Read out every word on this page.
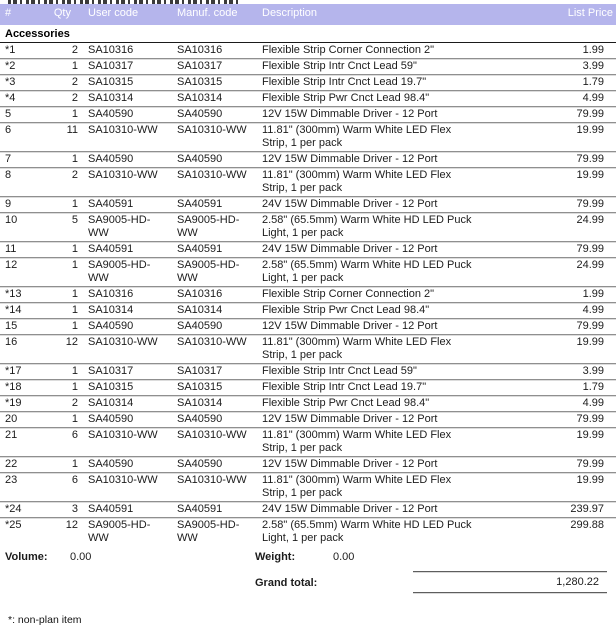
#	Qty	User code	Manuf. code	Description	List Price
Accessories					
*1	2	SA10316	SA10316	Flexible Strip Corner Connection 2"	1.99
*2	1	SA10317	SA10317	Flexible Strip Intr Cnct Lead 59"	3.99
*3	2	SA10315	SA10315	Flexible Strip Intr Cnct Lead 19.7"	1.79
*4	2	SA10314	SA10314	Flexible Strip Pwr Cnct Lead 98.4"	4.99
5	1	SA40590	SA40590	12V 15W Dimmable Driver - 12 Port	79.99
6	11	SA10310-WW	SA10310-WW	11.81" (300mm) Warm White LED Flex
Strip, 1 per pack	19.99
7	1	SA40590	SA40590	12V 15W Dimmable Driver - 12 Port	79.99
8	2	SA10310-WW	SA10310-WW	11.81" (300mm) Warm White LED Flex
Strip, 1 per pack	19.99
9	1	SA40591	SA40591	24V 15W Dimmable Driver - 12 Port	79.99
10	5	SA9005-HD-WW	SA9005-HD-WW	2.58" (65.5mm) Warm White HD LED Puck
Light, 1 per pack	24.99
11	1	SA40591	SA40591	24V 15W Dimmable Driver - 12 Port	79.99
12	1	SA9005-HD-WW	SA9005-HD-WW	2.58" (65.5mm) Warm White HD LED Puck
Light, 1 per pack	24.99
*13	1	SA10316	SA10316	Flexible Strip Corner Connection 2"	1.99
*14	1	SA10314	SA10314	Flexible Strip Pwr Cnct Lead 98.4"	4.99
15	1	SA40590	SA40590	12V 15W Dimmable Driver - 12 Port	79.99
16	12	SA10310-WW	SA10310-WW	11.81" (300mm) Warm White LED Flex
Strip, 1 per pack	19.99
*17	1	SA10317	SA10317	Flexible Strip Intr Cnct Lead 59"	3.99
*18	1	SA10315	SA10315	Flexible Strip Intr Cnct Lead 19.7"	1.79
*19	2	SA10314	SA10314	Flexible Strip Pwr Cnct Lead 98.4"	4.99
20	1	SA40590	SA40590	12V 15W Dimmable Driver - 12 Port	79.99
21	6	SA10310-WW	SA10310-WW	11.81" (300mm) Warm White LED Flex
Strip, 1 per pack	19.99
22	1	SA40590	SA40590	12V 15W Dimmable Driver - 12 Port	79.99
23	6	SA10310-WW	SA10310-WW	11.81" (300mm) Warm White LED Flex
Strip, 1 per pack	19.99
*24	3	SA40591	SA40591	24V 15W Dimmable Driver - 12 Port	239.97
*25	12	SA9005-HD-WW	SA9005-HD-WW	2.58" (65.5mm) Warm White HD LED Puck
Light, 1 per pack	299.88
Volume: 0.00	Weight:	0.00
Grand total:	1,280.22
*: non-plan item
